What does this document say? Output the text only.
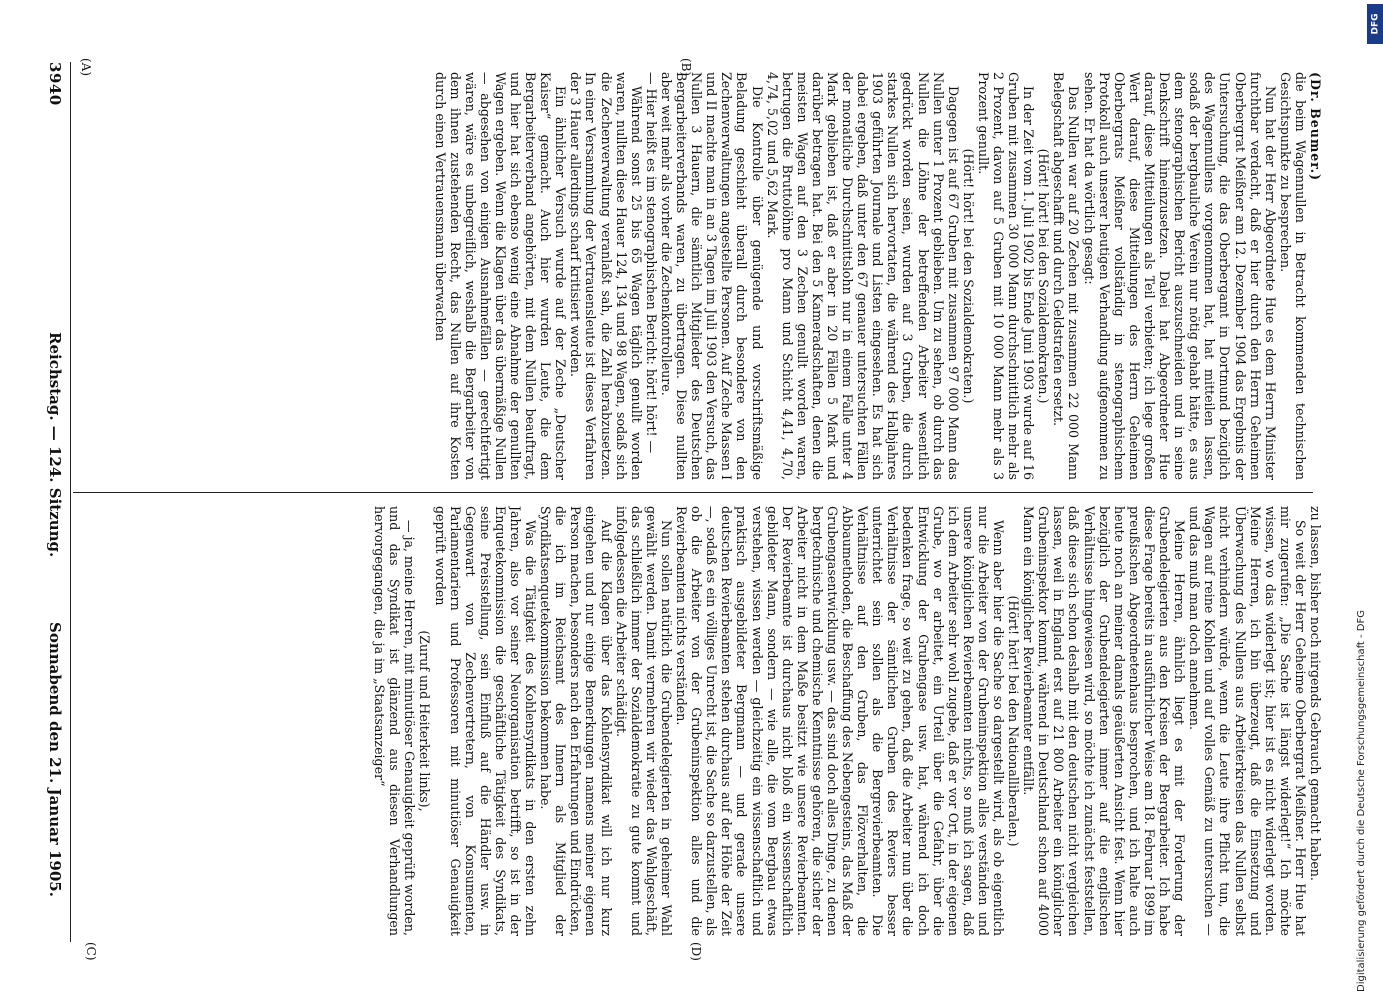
3940
Reichstag. — 124. Sitzung.
Sonnabend den 21. Januar 1905.

(Dr. Beumer.)

die beim Wagennullen in Betracht kommenden technischen Gesichtspunkte zu besprechen.

Nun hat der Herr Abgeordnete Hue es dem Herrn Minister furchtbar verdacht, daß er hier durch den Herrn Geheimen Oberbergrat Meißner am 12. Dezember 1904 das Ergebnis der Untersuchung, die das Oberbergamt in Dortmund bezüglich des Wagennullens vorgenommen hat, hat mitteilen lassen, sodaß der bergbauliche Verein nur nötig gehabt hätte, es aus dem stenographischen Bericht auszuschneiden und in seine Denkschrift hineinzusetzen. Dabei hat Abgeordneter Hue darauf, diese Mitteilungen als Teil verbieten; ich lege großen Wert darauf, diese Mitteilungen des Herrn Geheimen Oberbergrats Meißner vollständig in stenographischem Protokoll auch unserer heutigen Verhandlung aufgenommen zu sehen. Er hat da wörtlich gesagt:

Das Nullen war auf 20 Zechen mit zusammen 22 000 Mann Belegschaft abgeschafft und durch Geldstrafen ersetzt.

(Hört! hört! bei den Sozialdemokraten.)

In der Zeit vom 1. Juli 1902 bis Ende Juni 1903 wurde auf 16 Gruben mit zusammen 30 000 Mann durchschnittlich mehr als 2 Prozent, davon auf 5 Gruben mit 10 000 Mann mehr als 3 Prozent genullt.

(Hört! hört! bei den Sozialdemokraten.)

Dagegen ist auf 67 Gruben mit zusammen 97 000 Mann das Nullen unter 1 Prozent geblieben. Um zu sehen, ob durch das Nullen die Löhne der betreffenden Arbeiter wesentlich gedrückt worden seien, wurden auf 3 Gruben, die durch starkes Nullen sich hervortaten, die während des Halbjahres 1903 geführten Journale und Listen eingesehen. Es hat sich dabei ergeben, daß unter den 67 genauer untersuchten Fällen der monatliche Durchschnittslohn nur in einem Falle unter 4 Mark geblieben ist, daß er aber in 20 Fällen 5 Mark und darüber betragen hat. Bei den 5 Kameradschaften, denen die meisten Wagen auf den 3 Zechen genullt worden waren, betrugen die Bruttolöhne pro Mann und Schicht 4,41, 4,70, 4,74, 5,02 und 5,62 Mark.

Die Kontrolle über genügende und vorschriftsmäßige Beladung geschieht überall durch besondere von den Zechenverwaltungen angestellte Personen. Auf Zeche Massen I und II machte man in an 3 Tagen im Juli 1903 den Versuch, das Nullen 3 Hauern, die sämtlich Mitglieder des Deutschen Bergarbeiterverbands waren, zu übertragen. Diese nullten aber weit mehr als vorher die Zechenkontrolleure.

— Hier heißt es im stenographischen Bericht: hört! hört! —

Während sonst 25 bis 65 Wagen täglich genullt worden waren, nullten diese Hauer 124, 134 und 98 Wagen, sodaß sich die Zechenverwaltung veranlaßt sah, die Zahl herabzusetzen. In einer Versammlung der Vertrauensleute ist dieses Verfahren der 3 Hauer allerdings scharf kritisiert worden.

Ein ähnlicher Versuch wurde auf der Zeche „Deutscher Kaiser“ gemacht. Auch hier wurden Leute, die dem Bergarbeiterverband angehörten, mit dem Nullen beauftragt, und hier hat sich ebenso wenig eine Abnahme der genullten Wagen ergeben. Wenn die Klagen über das übermäßige Nullen — abgesehen von einigen Ausnahmefällen — gerechtfertigt wären, wäre es unbegreiflich, weshalb die Bergarbeiter von dem ihnen zustehenden Recht, das Nullen auf ihre Kosten durch einen Vertrauensmann überwachen

zu lassen, bisher noch nirgends Gebrauch gemacht haben.

So weit der Herr Geheime Oberbergrat Meißner. Herr Hue hat mir zugerufen: „Die Sache ist längst widerlegt!“ Ich möchte wissen, wo das widerlegt ist; hier ist es nicht widerlegt worden. Meine Herren, ich bin überzeugt, daß die Einsetzung und Überwachung des Nullens aus Arbeiterkreisen das Nullen selbst nicht verhindern würde, wenn die Leute ihre Pflicht tun, die Wagen auf reine Kohlen und auf volles Gemäß zu untersuchen — und das muß man doch annehmen.

Meine Herren, ähnlich liegt es mit der Forderung der Grubendelegierten aus den Kreisen der Bergarbeiter. Ich habe diese Frage bereits in ausführlicher Weise am 18. Februar 1899 im preußischen Abgeordnetenhaus besprochen, und ich halte auch heute noch an meiner damals geäußerten Ansicht fest. Wenn hier bezüglich der Grubendelegierten immer auf die englischen Verhältnisse hingewiesen wird, so möchte ich zunächst feststellen, daß diese sich schon deshalb mit den deutschen nicht vergleichen lassen, weil in England erst auf 21 800 Arbeiter ein königlicher Grubeninspektor kommt, während in Deutschland schon auf 4000 Mann ein königlicher Revierbeamter entfällt.

(Hört! hört! bei den Nationalliberalen.)

Wenn aber hier die Sache so dargestellt wird, als ob eigentlich nur die Arbeiter von der Grubeninspektion alles verständen und unsere königlichen Revierbeamten nichts, so muß ich sagen, daß ich dem Arbeiter sehr wohl zugebe, daß er vor Ort, in der eigenen Grube, wo er arbeitet, ein Urteil über die Gefahr, über die Entwicklung der Grubengase usw. hat, während ich doch bedenken frage, so weit zu gehen, daß die Arbeiter nun über die Verhältnisse der sämtlichen Gruben des Reviers besser unterrichtet sein sollen als die Bergrevierbeamten. Die Verhältnisse auf den Gruben, das Flözverhalten, die Abbaumethoden, die Beschaffung des Nebengesteins, das Maß der Grubengasentwicklung usw. — das sind doch alles Dinge, zu denen bergtechnische und chemische Kenntnisse gehören, die sicher der Arbeiter nicht in dem Maße besitzt wie unsere Revierbeamten. Der Revierbeamte ist durchaus nicht bloß ein wissenschaftlich gebildeter Mann, sondern — wie alle, die vom Bergbau etwas verstehen, wissen werden — gleichzeitig ein wissenschaftlich und praktisch ausgebildeter Bergmann — und gerade unsere deutschen Revierbeamten stehen durchaus auf der Höhe der Zeit —, sodaß es ein völliges Unrecht ist, die Sache so darzustellen, als ob die Arbeiter von der Grubeninspektion alles und die Revierbeamten nichts verständen.

Nun sollen natürlich die Grubendelegierten in geheimer Wahl gewählt werden. Damit vermehren wir wieder das Wahlgeschäft, das schließlich immer der Sozialdemokratie zu gute kommt und infolgedessen die Arbeiter schädigt.

Auf die Klagen über das Kohlensyndikat will ich nur kurz eingehen und nur einige Bemerkungen namens meiner eigenen Person machen, besonders nach den Erfahrungen und Eindrücken, die ich im Reichsamt des Innern als Mitglied der Syndikatsenquetekommission bekommen habe.

Was die Tätigkeit des Kohlensyndikats in den ersten zehn Jahren, also vor seiner Neuorganisation betrifft, so ist in der Enquetekommission die geschäftliche Tätigkeit des Syndikats, seine Preisstellung, sein Einfluß auf die Händler usw. in Gegenwart von Zechenvertretern, von Konsumenten, Parlamentariern und Professoren mit minutiöser Genauigkeit geprüft worden

(Zuruf und Heiterkeit links),

— ja, meine Herren, mit minutiöser Genauigkeit geprüft worden, und das Syndikat ist glänzend aus diesen Verhandlungen hervorgegangen, die ja im „Staatsanzeiger“

(A)	(B)
(C)	(D)
DFG
Digitalisierung gefördert durch die Deutsche Forschungsgemeinschaft - DFG
